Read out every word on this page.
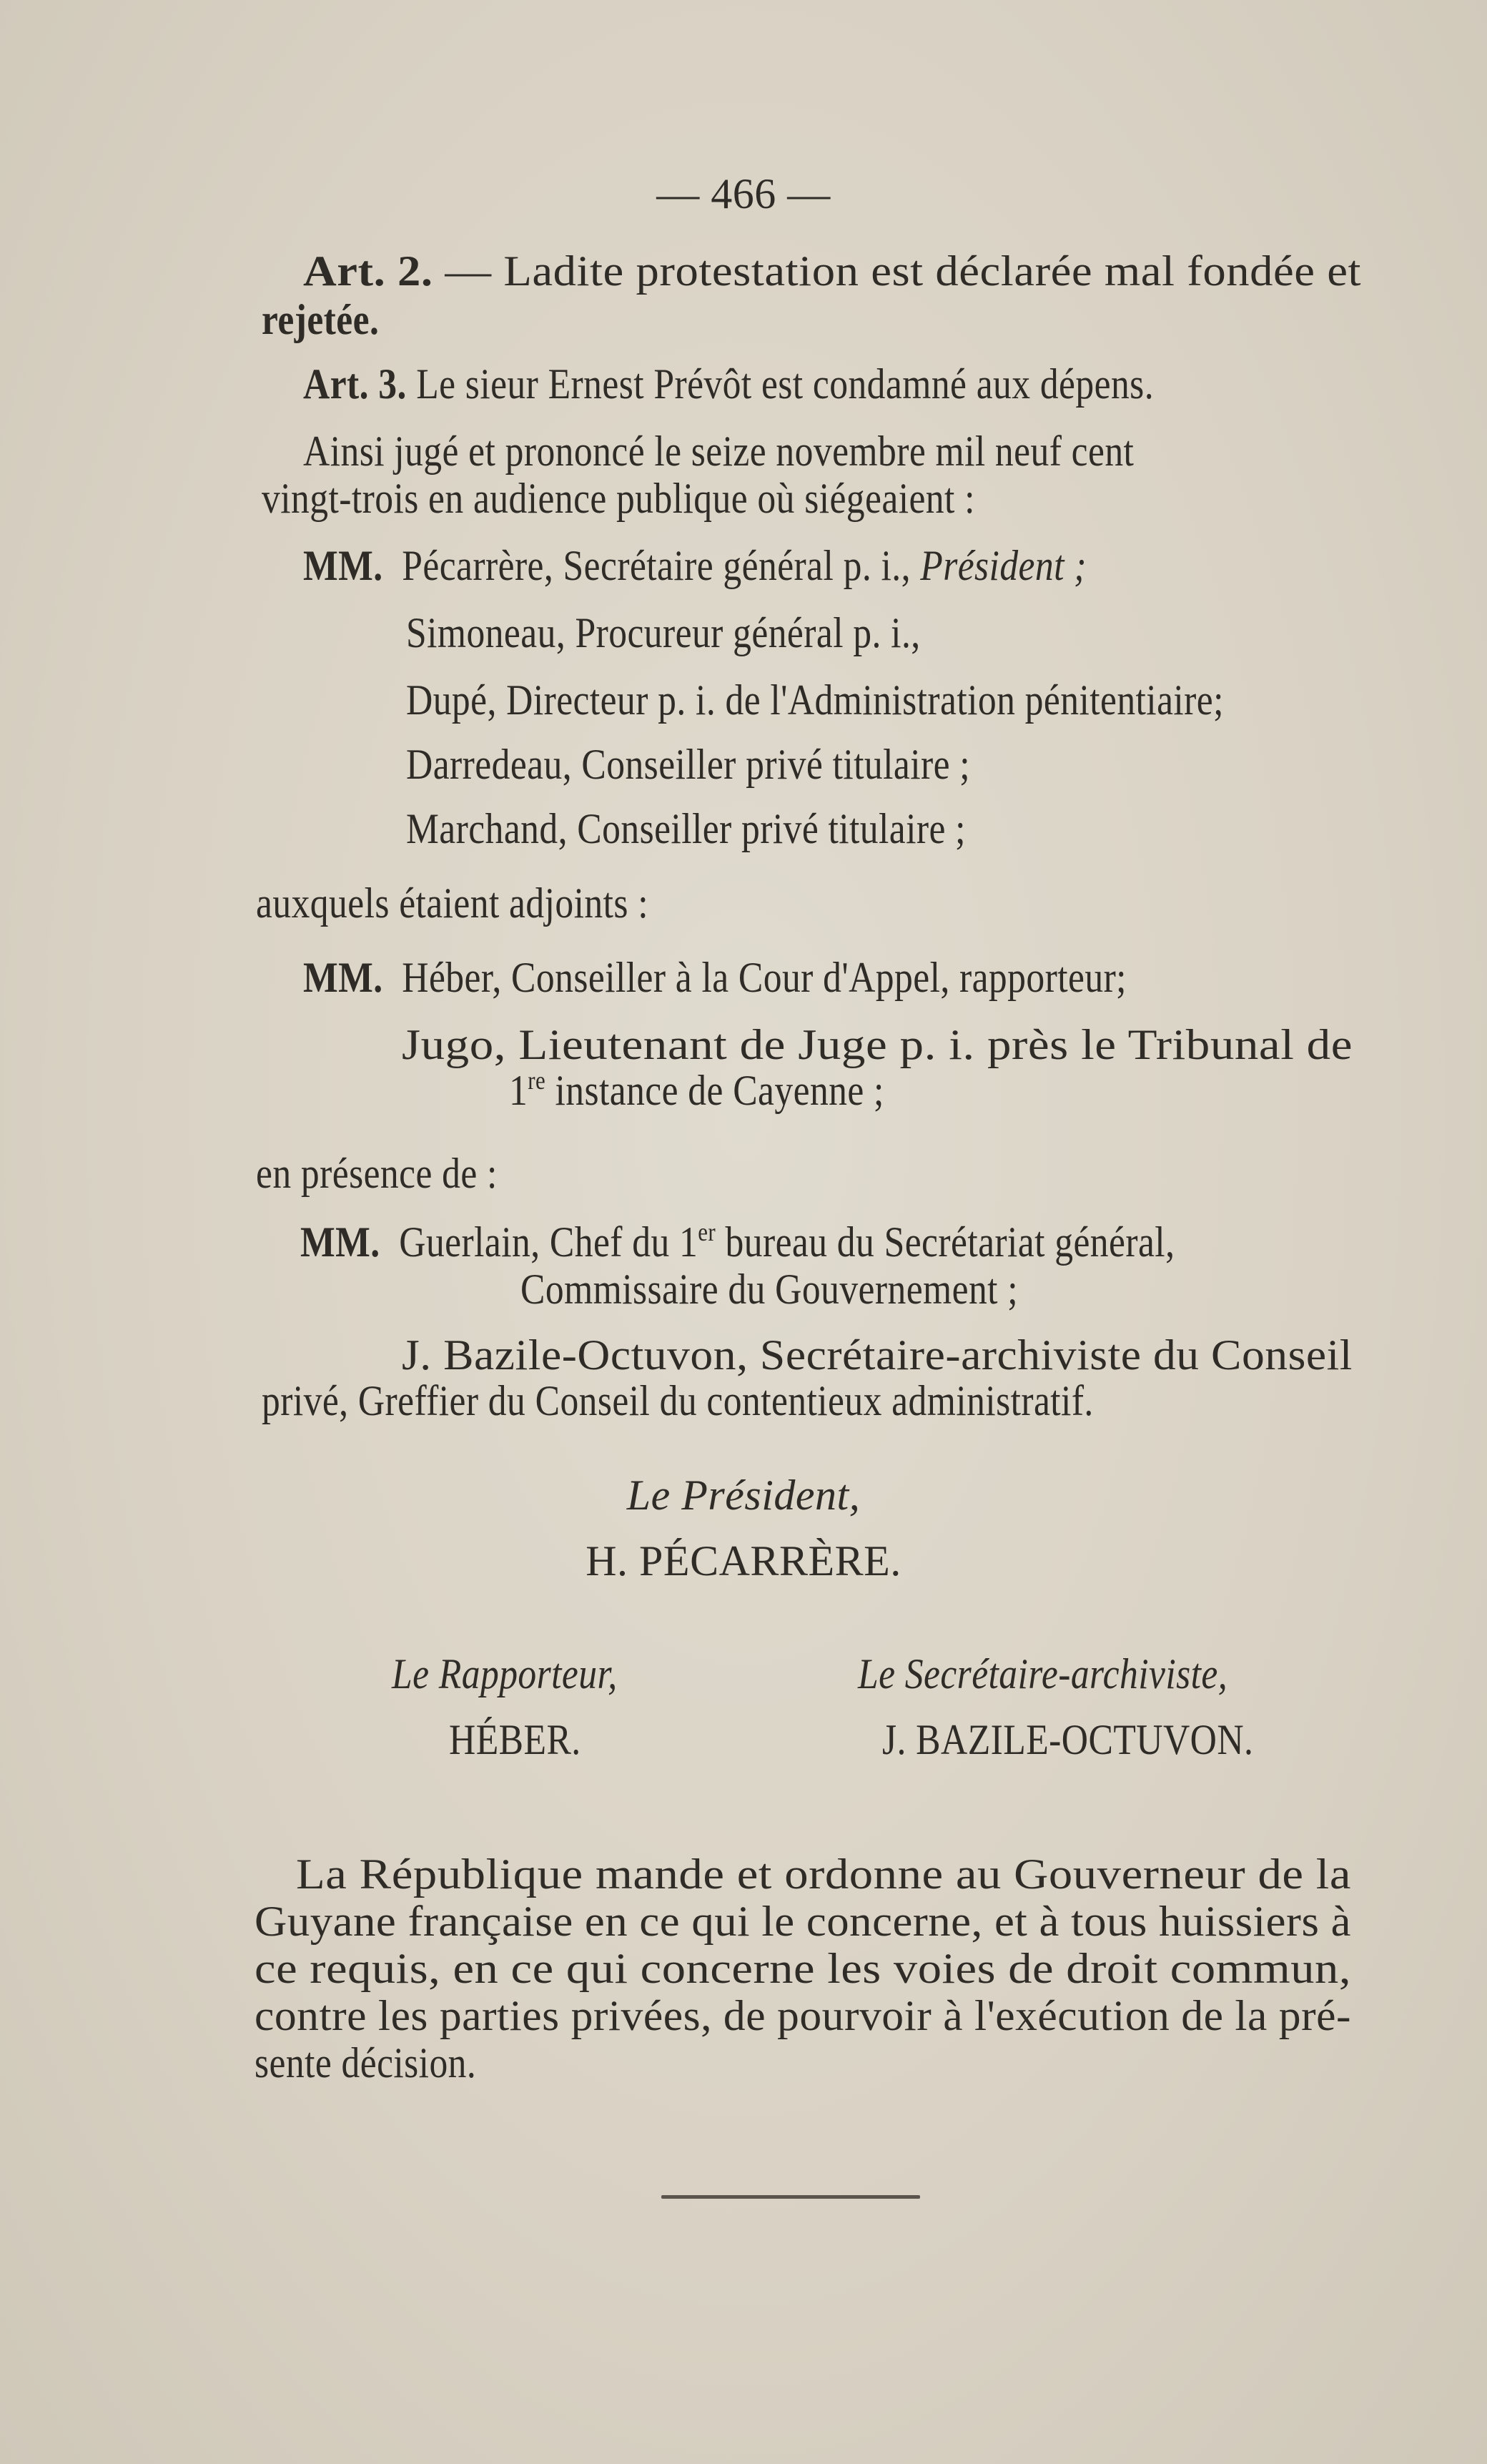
— 466 —
Art. 2. — Ladite protestation est déclarée mal fondée et
rejetée.
Art. 3. Le sieur Ernest Prévôt est condamné aux dépens.
Ainsi jugé et prononcé le seize novembre mil neuf cent
vingt-trois en audience publique où siégeaient :
MM. Pécarrère, Secrétaire général p. i., Président ;
Simoneau, Procureur général p. i.,
Dupé, Directeur p. i. de l'Administration pénitentiaire;
Darredeau, Conseiller privé titulaire ;
Marchand, Conseiller privé titulaire ;
auxquels étaient adjoints :
MM. Héber, Conseiller à la Cour d'Appel, rapporteur;
Jugo, Lieutenant de Juge p. i. près le Tribunal de
1re instance de Cayenne ;
en présence de :
MM. Guerlain, Chef du 1er bureau du Secrétariat général,
Commissaire du Gouvernement ;
J. Bazile-Octuvon, Secrétaire-archiviste du Conseil
privé, Greffier du Conseil du contentieux administratif.
Le Président,
H. PÉCARRÈRE.
Le Rapporteur,
HÉBER.
Le Secrétaire-archiviste,
J. BAZILE-OCTUVON.
La République mande et ordonne au Gouverneur de la
Guyane française en ce qui le concerne, et à tous huissiers à
ce requis, en ce qui concerne les voies de droit commun,
contre les parties privées, de pourvoir à l'exécution de la pré-
sente décision.
